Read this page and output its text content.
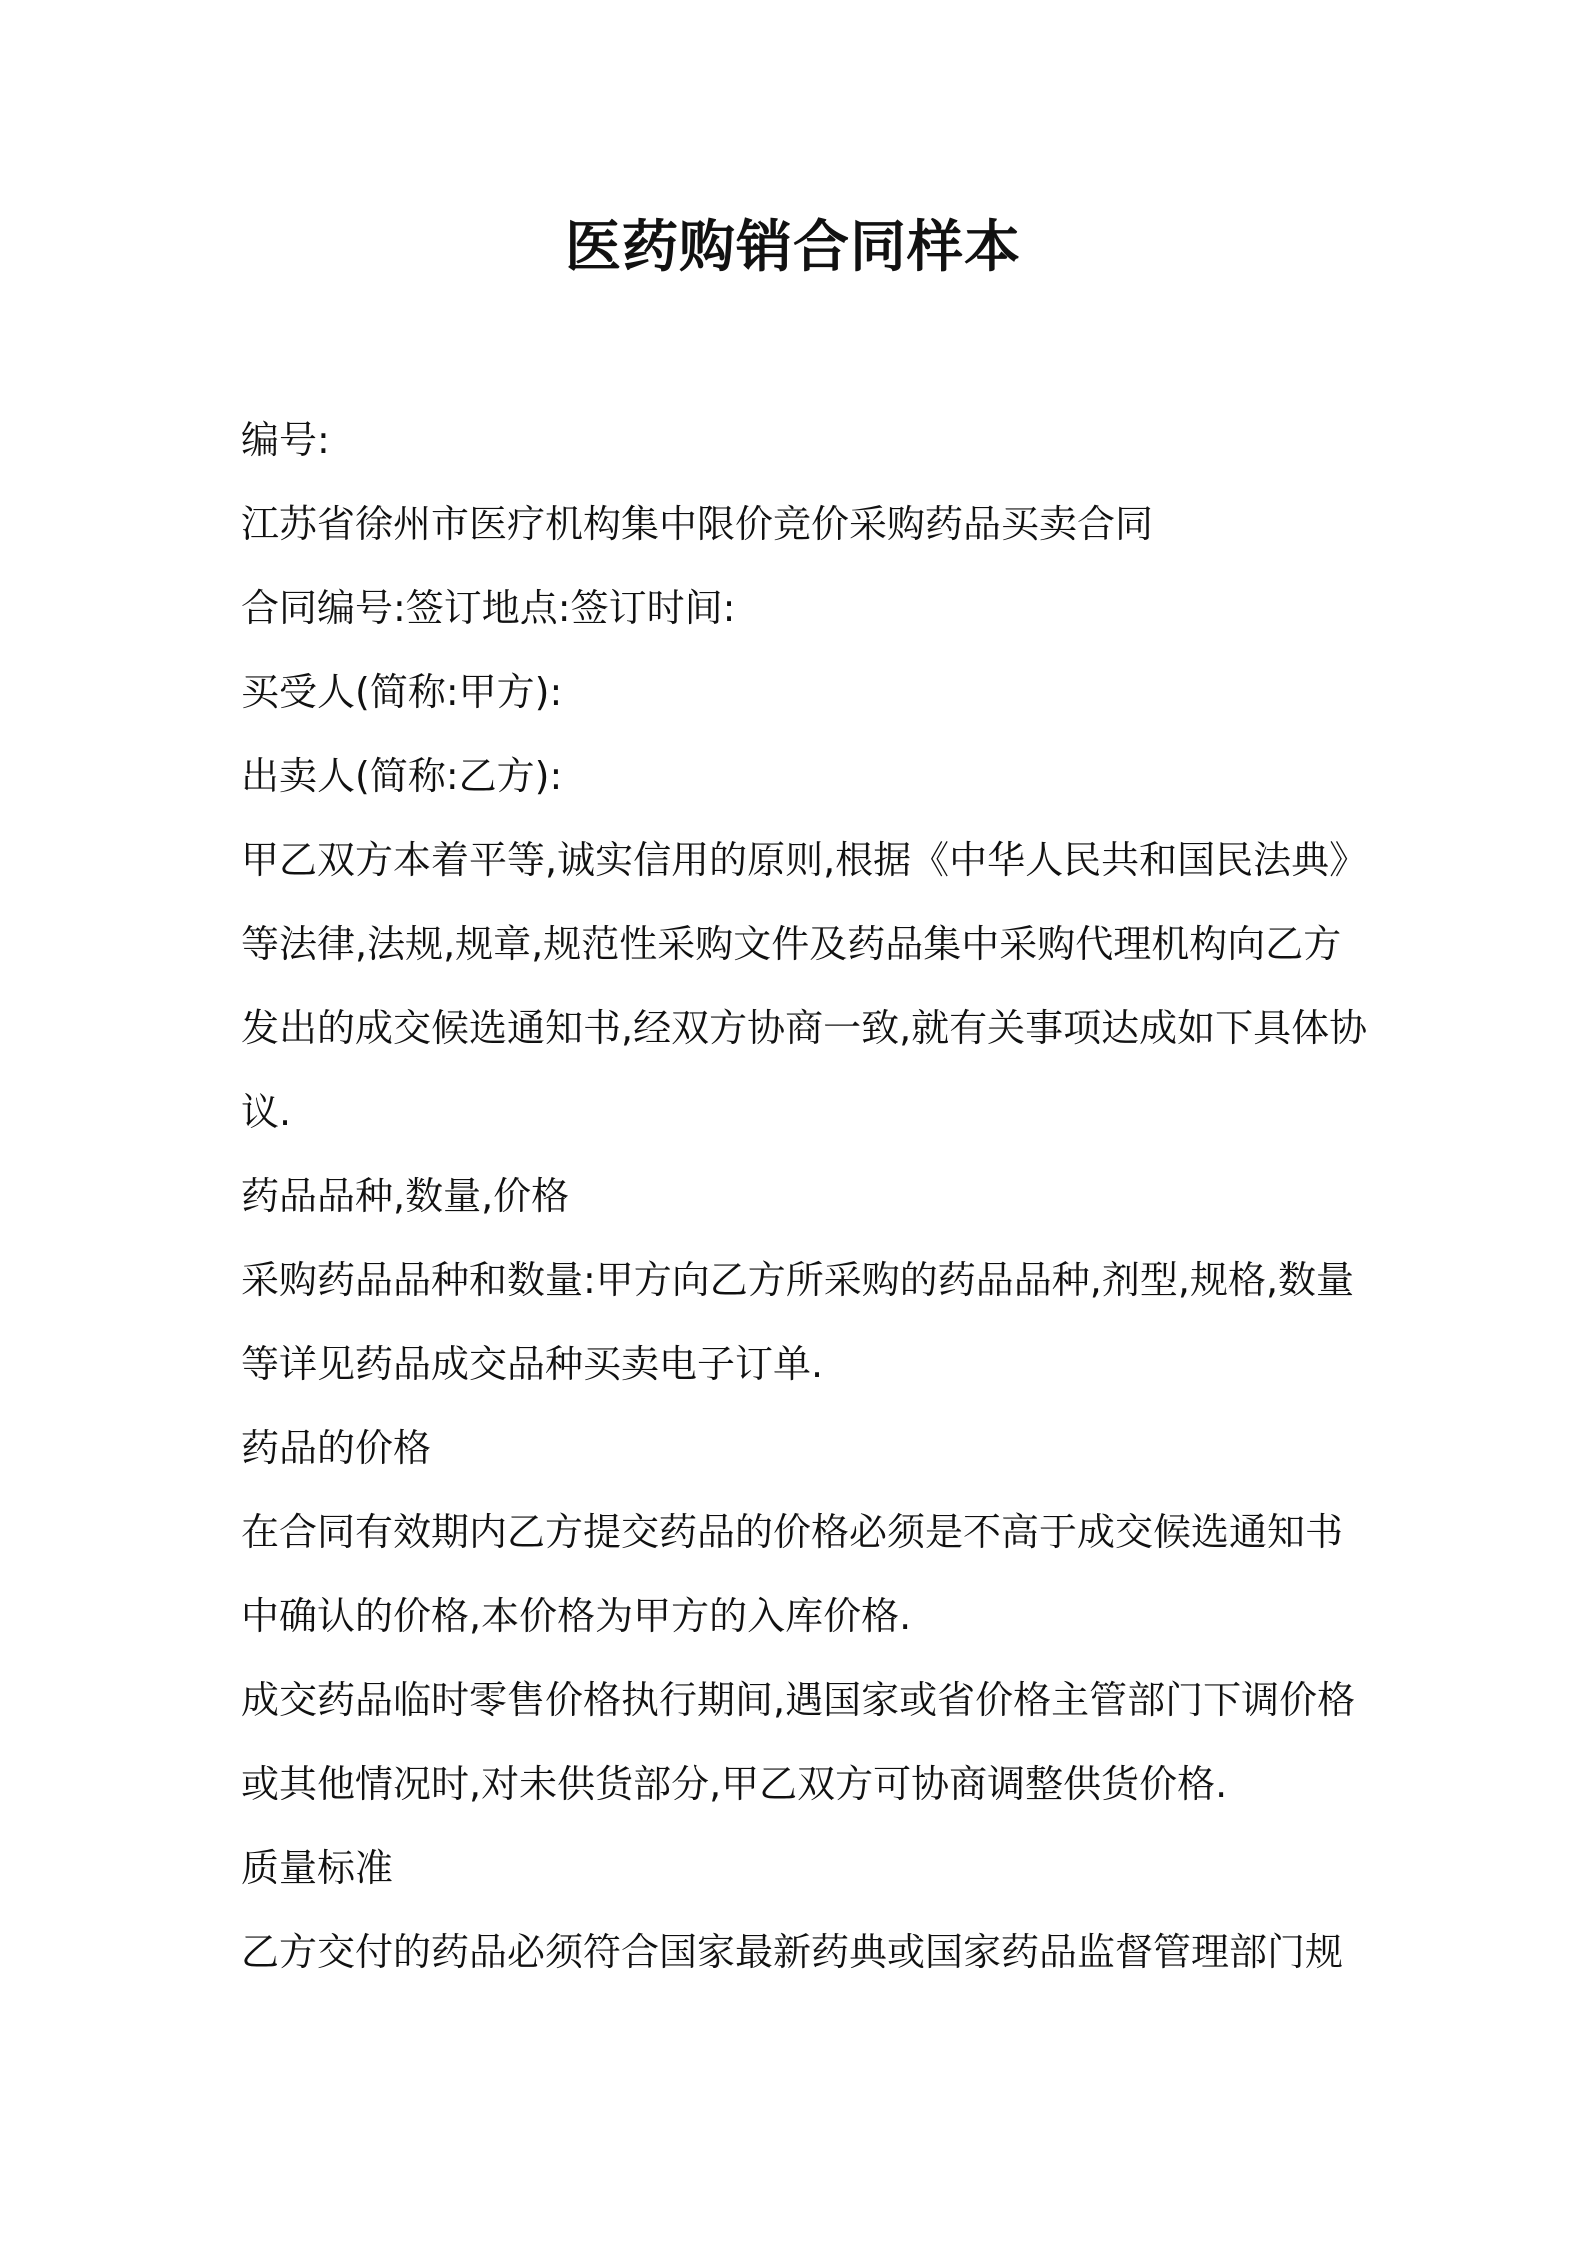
医药购销合同样本
编号:
江苏省徐州市医疗机构集中限价竞价采购药品买卖合同
合同编号:签订地点:签订时间:
买受人(简称:甲方):
出卖人(简称:乙方):
甲乙双方本着平等,诚实信用的原则,根据《中华人民共和国民法典》
等法律,法规,规章,规范性采购文件及药品集中采购代理机构向乙方
发出的成交候选通知书,经双方协商一致,就有关事项达成如下具体协
议.
药品品种,数量,价格
采购药品品种和数量:甲方向乙方所采购的药品品种,剂型,规格,数量
等详见药品成交品种买卖电子订单.
药品的价格
在合同有效期内乙方提交药品的价格必须是不高于成交候选通知书
中确认的价格,本价格为甲方的入库价格.
成交药品临时零售价格执行期间,遇国家或省价格主管部门下调价格
或其他情况时,对未供货部分,甲乙双方可协商调整供货价格.
质量标准
乙方交付的药品必须符合国家最新药典或国家药品监督管理部门规
